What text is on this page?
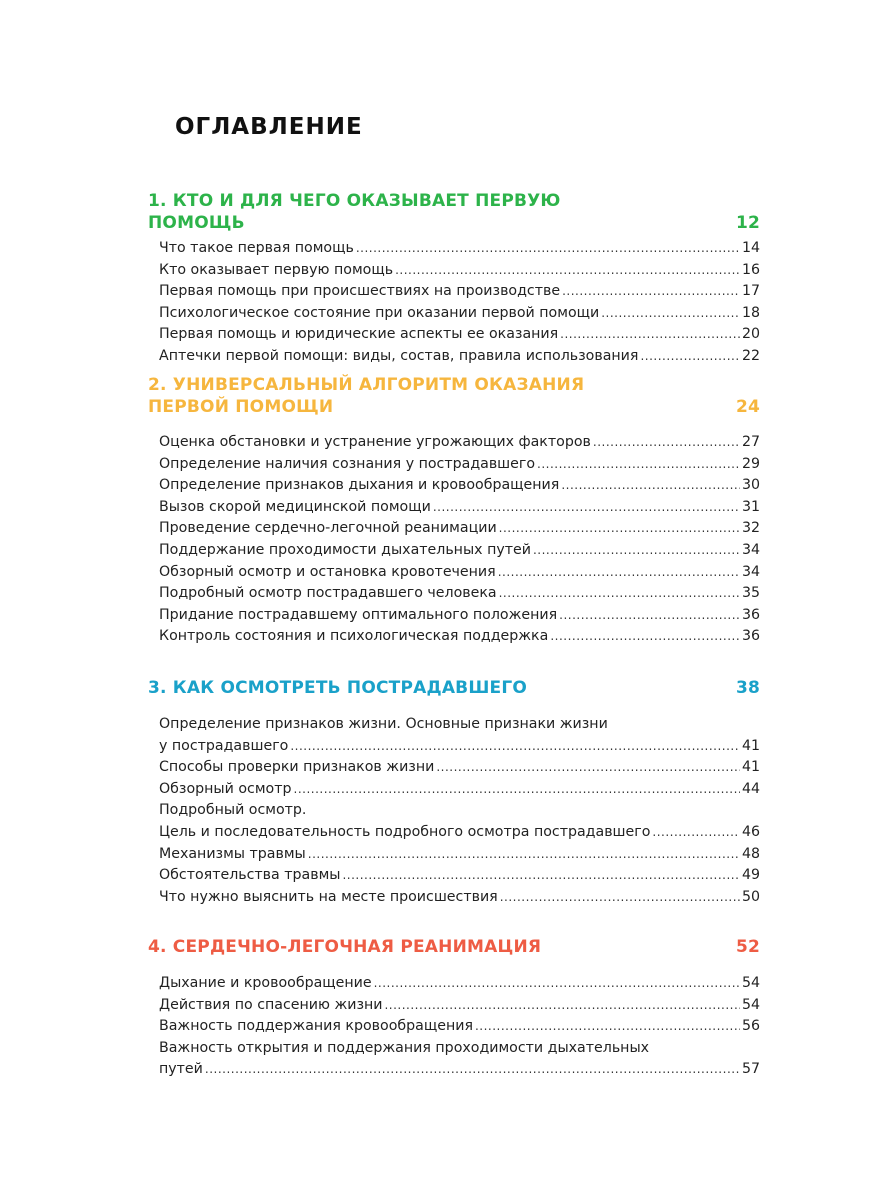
ОГЛАВЛЕНИЕ
1. КТО И ДЛЯ ЧЕГО ОКАЗЫВАЕТ ПЕРВУЮ ПОМОЩЬ	12
Что такое первая помощь .....	14
Кто оказывает первую помощь .....	16
Первая помощь при происшествиях на производстве .....	17
Психологическое состояние при оказании первой помощи .....	18
Первая помощь и юридические аспекты ее оказания .....	20
Аптечки первой помощи: виды, состав, правила использования .....	22
2. УНИВЕРСАЛЬНЫЙ АЛГОРИТМ ОКАЗАНИЯ
ПЕРВОЙ ПОМОЩИ	24
Оценка обстановки и устранение угрожающих факторов .....	27
Определение наличия сознания у пострадавшего .....	29
Определение признаков дыхания и кровообращения .....	30
Вызов скорой медицинской помощи .....	31
Проведение сердечно-легочной реанимации .....	32
Поддержание проходимости дыхательных путей .....	34
Обзорный осмотр и остановка кровотечения .....	34
Подробный осмотр пострадавшего человека .....	35
Придание пострадавшему оптимального положения .....	36
Контроль состояния и психологическая поддержка .....	36
3. КАК ОСМОТРЕТЬ ПОСТРАДАВШЕГО	38
Определение признаков жизни. Основные признаки жизни
у пострадавшего .....	41
Способы проверки признаков жизни .....	41
Обзорный осмотр .....	44
Подробный осмотр.
Цель и последовательность подробного осмотра пострадавшего .....	46
Механизмы травмы .....	48
Обстоятельства травмы .....	49
Что нужно выяснить на месте происшествия .....	50
4. СЕРДЕЧНО-ЛЕГОЧНАЯ РЕАНИМАЦИЯ	52
Дыхание и кровообращение .....	54
Действия по спасению жизни .....	54
Важность поддержания кровообращения .....	56
Важность открытия и поддержания проходимости дыхательных
путей .....	57
